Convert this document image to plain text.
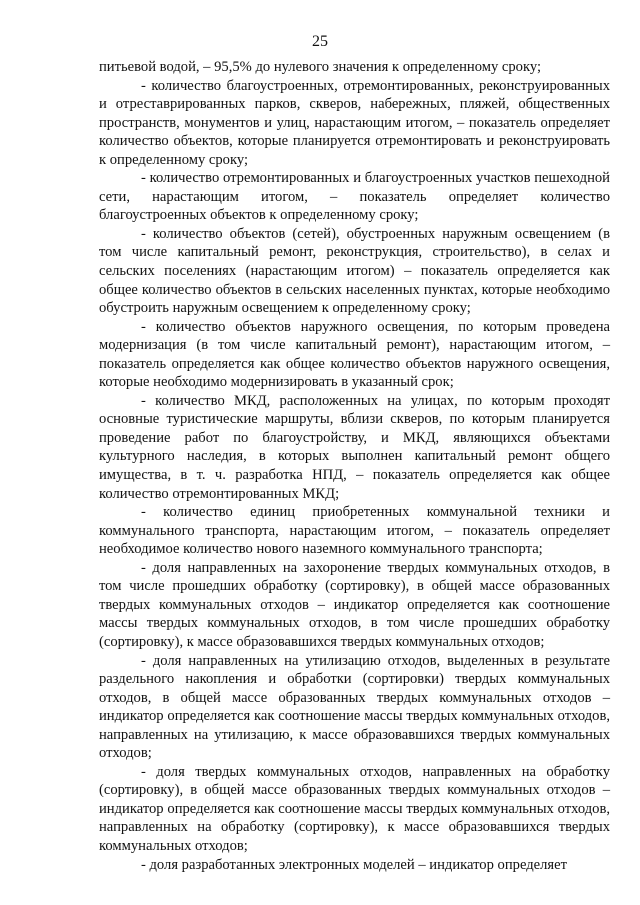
25

питьевой водой, – 95,5% до нулевого значения к определенному сроку;

- количество благоустроенных, отремонтированных, реконструированных и отреставрированных парков, скверов, набережных, пляжей, общественных пространств, монументов и улиц, нарастающим итогом, – показатель определяет количество объектов, которые планируется отремонтировать и реконструировать к определенному сроку;

- количество отремонтированных и благоустроенных участков пешеходной сети, нарастающим итогом, – показатель определяет количество благоустроенных объектов к определенному сроку;

- количество объектов (сетей), обустроенных наружным освещением (в том числе капитальный ремонт, реконструкция, строительство), в селах и сельских поселениях (нарастающим итогом) – показатель определяется как общее количество объектов в сельских населенных пунктах, которые необходимо обустроить наружным освещением к определенному сроку;

- количество объектов наружного освещения, по которым проведена модернизация (в том числе капитальный ремонт), нарастающим итогом, – показатель определяется как общее количество объектов наружного освещения, которые необходимо модернизировать в указанный срок;

- количество МКД, расположенных на улицах, по которым проходят основные туристические маршруты, вблизи скверов, по которым планируется проведение работ по благоустройству, и МКД, являющихся объектами культурного наследия, в которых выполнен капитальный ремонт общего имущества, в т. ч. разработка НПД, – показатель определяется как общее количество отремонтированных МКД;

- количество единиц приобретенных коммунальной техники и коммунального транспорта, нарастающим итогом, – показатель определяет необходимое количество нового наземного коммунального транспорта;

- доля направленных на захоронение твердых коммунальных отходов, в том числе прошедших обработку (сортировку), в общей массе образованных твердых коммунальных отходов – индикатор определяется как соотношение массы твердых коммунальных отходов, в том числе прошедших обработку (сортировку), к массе образовавшихся твердых коммунальных отходов;

- доля направленных на утилизацию отходов, выделенных в результате раздельного накопления и обработки (сортировки) твердых коммунальных отходов, в общей массе образованных твердых коммунальных отходов – индикатор определяется как соотношение массы твердых коммунальных отходов, направленных на утилизацию, к массе образовавшихся твердых коммунальных отходов;

- доля твердых коммунальных отходов, направленных на обработку (сортировку), в общей массе образованных твердых коммунальных отходов – индикатор определяется как соотношение массы твердых коммунальных отходов, направленных на обработку (сортировку), к массе образовавшихся твердых коммунальных отходов;

- доля разработанных электронных моделей – индикатор определяет
